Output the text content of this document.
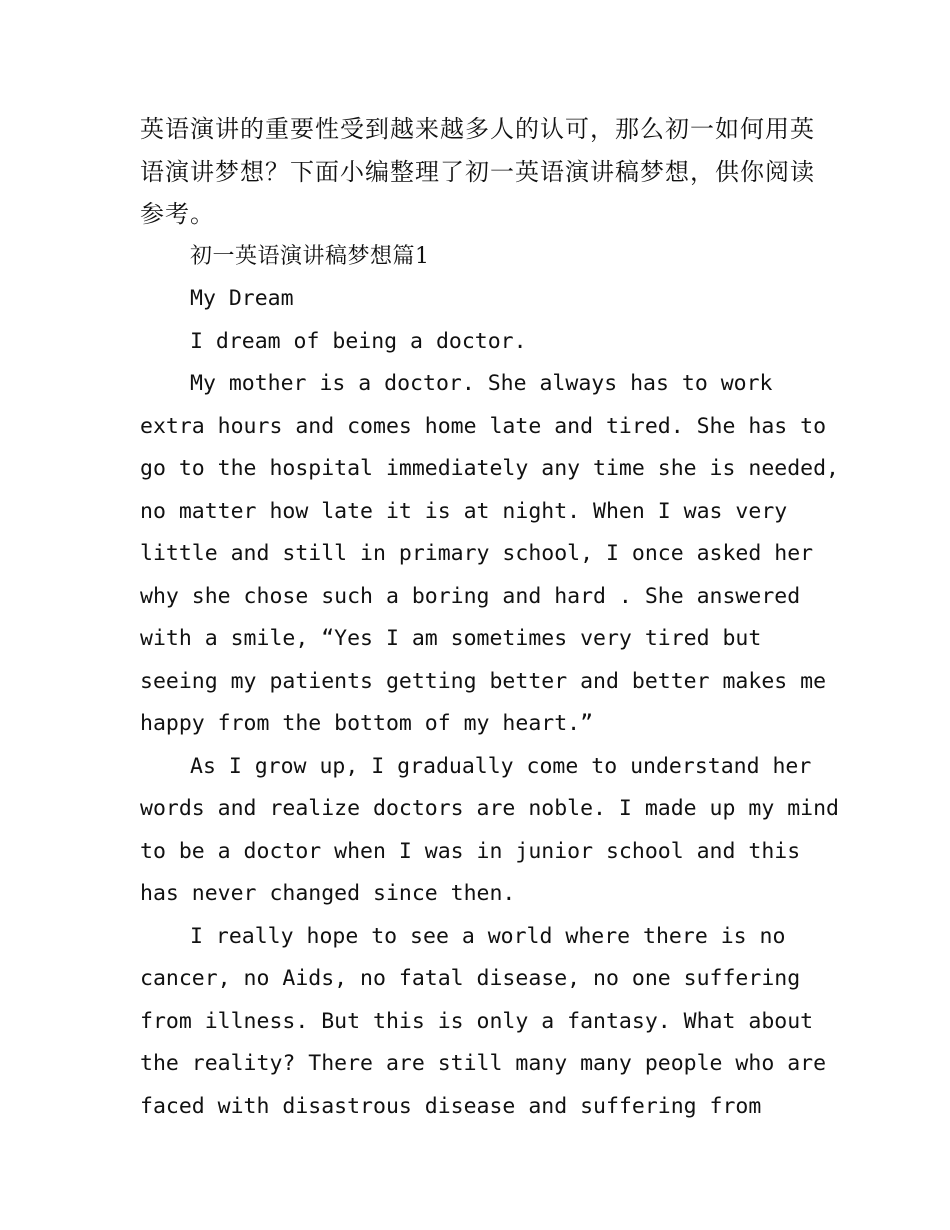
英语演讲的重要性受到越来越多人的认可，那么初一如何用英
语演讲梦想？下面小编整理了初一英语演讲稿梦想，供你阅读
参考。
初一英语演讲稿梦想篇1
My Dream
I dream of being a doctor.
My mother is a doctor. She always has to work
extra hours and comes home late and tired. She has to
go to the hospital immediately any time she is needed,
no matter how late it is at night. When I was very
little and still in primary school, I once asked her
why she chose such a boring and hard . She answered
with a smile, “Yes I am sometimes very tired but
seeing my patients getting better and better makes me
happy from the bottom of my heart.”
As I grow up, I gradually come to understand her
words and realize doctors are noble. I made up my mind
to be a doctor when I was in junior school and this
has never changed since then.
I really hope to see a world where there is no
cancer, no Aids, no fatal disease, no one suffering
from illness. But this is only a fantasy. What about
the reality? There are still many many people who are
faced with disastrous disease and suffering from
